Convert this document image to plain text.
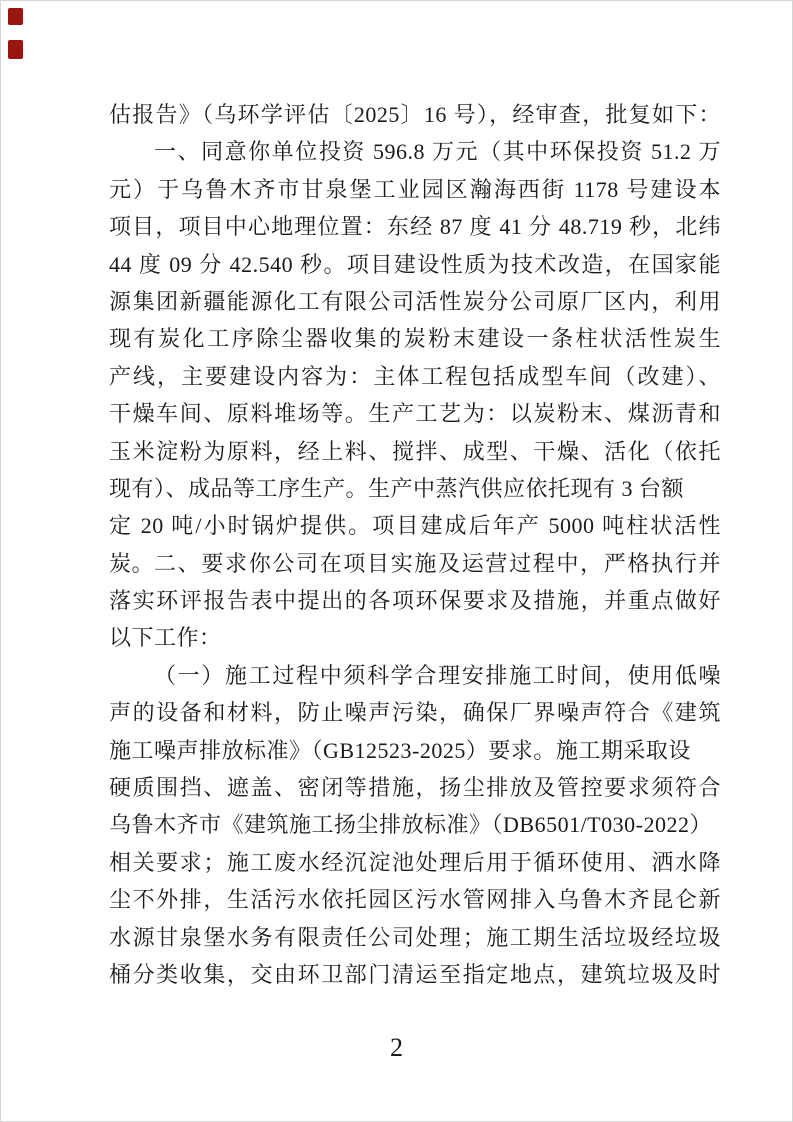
估报告》（乌环学评估〔2025〕16 号），经审查，批复如下：
一、同意你单位投资 596.8 万元（其中环保投资 51.2 万
元）于乌鲁木齐市甘泉堡工业园区瀚海西街 1178 号建设本
项目，项目中心地理位置：东经 87 度 41 分 48.719 秒，北纬
44 度 09 分 42.540 秒。项目建设性质为技术改造，在国家能
源集团新疆能源化工有限公司活性炭分公司原厂区内，利用
现有炭化工序除尘器收集的炭粉末建设一条柱状活性炭生
产线，主要建设内容为：主体工程包括成型车间（改建）、
干燥车间、原料堆场等。生产工艺为：以炭粉末、煤沥青和
玉米淀粉为原料，经上料、搅拌、成型、干燥、活化（依托
现有）、成品等工序生产。生产中蒸汽供应依托现有 3 台额
定 20 吨/小时锅炉提供。项目建成后年产 5000 吨柱状活性炭。 二、要求你公司在项目实施及运营过程中，严格执行并
落实环评报告表中提出的各项环保要求及措施，并重点做好
以下工作：
（一）施工过程中须科学合理安排施工时间，使用低噪
声的设备和材料，防止噪声污染，确保厂界噪声符合《建筑
施工噪声排放标准》（GB12523-2025）要求。施工期采取设
硬质围挡、遮盖、密闭等措施，扬尘排放及管控要求须符合
乌鲁木齐市《建筑施工扬尘排放标准》（DB6501/T030-2022）
相关要求；施工废水经沉淀池处理后用于循环使用、洒水降
尘不外排，生活污水依托园区污水管网排入乌鲁木齐昆仑新
水源甘泉堡水务有限责任公司处理；施工期生活垃圾经垃圾
桶分类收集，交由环卫部门清运至指定地点，建筑垃圾及时
2
